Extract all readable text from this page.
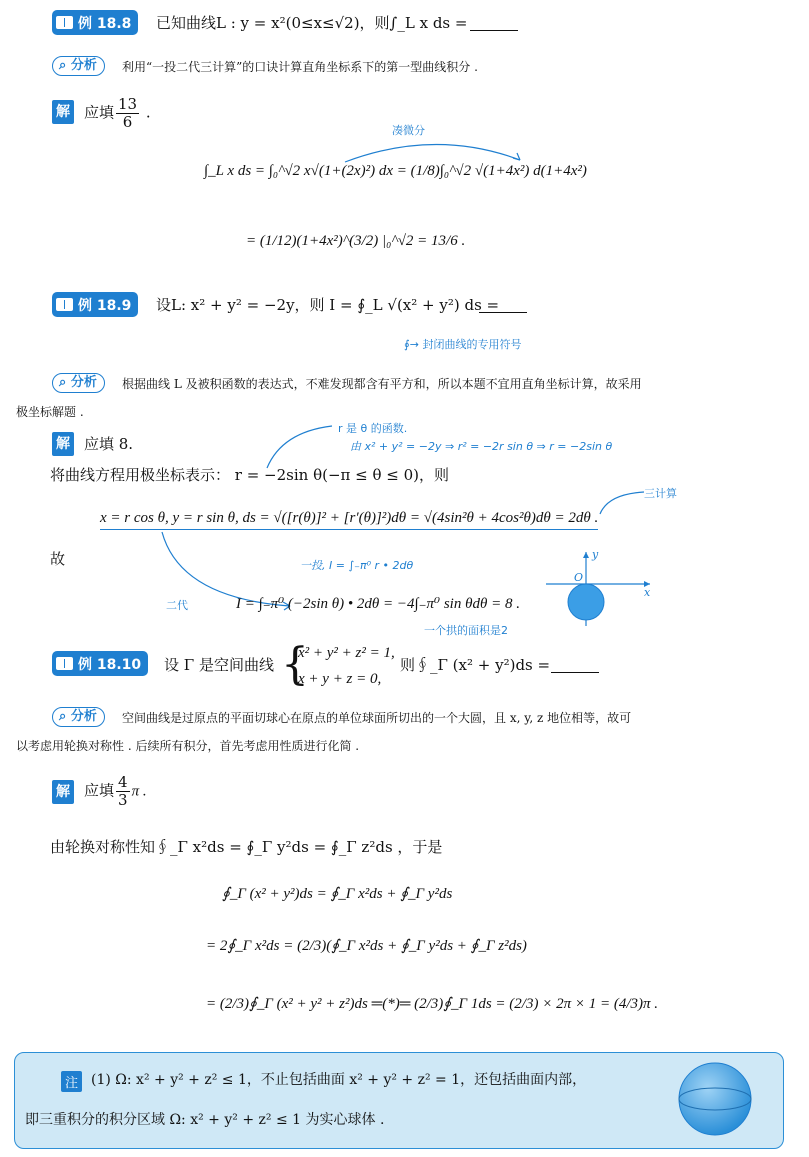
例 18.8 已知曲线L : y = x²(0≤x≤√2)，则∫_L x ds =
⌕ 分析	利用“一投二代三计算”的口诀计算直角坐标系下的第一型曲线积分 .
解 应填 $\frac{13}{6}$ .
凑微分
∫_L x ds = ∫₀^√2 x√(1+(2x)²) dx = (1/8)∫₀^√2 √(1+4x²) d(1+4x²)
= (1/12)(1+4x²)^(3/2) |₀^√2 = 13/6 .
例 18.9 设L: x² + y² = −2y，则 I = ∮_L √(x² + y²) ds =
∮→ 封闭曲线的专用符号
⌕ 分析	根据曲线 L 及被积函数的表达式，不难发现都含有平方和，所以本题不宜用直角坐标计算，故采用
极坐标解题 .
解 应填 8.
r 是 θ 的函数.
由 x² + y² = −2y ⇒ r² = −2r sin θ ⇒ r = −2sin θ
将曲线方程用极坐标表示： r = −2sin θ(−π ≤ θ ≤ 0)，则
三计算
x = r cos θ, y = r sin θ, ds = √([r(θ)]² + [r′(θ)]²)dθ = √(4sin²θ + 4cos²θ)dθ = 2dθ .
故	一投, I = ∫₋π⁰ r • 2dθ
二代	I = ∫₋π⁰ (−2sin θ) • 2dθ = −4∫₋π⁰ sin θdθ = 8 .
一个拱的面积是2
y
x
O
例 18.10 设 Γ 是空间曲线 {
x² + y² + z² = 1,
x + y + z = 0,
则∮_Γ (x² + y²)ds =
⌕ 分析	空间曲线是过原点的平面切球心在原点的单位球面所切出的一个大圆，且 x, y, z 地位相等，故可
以考虑用轮换对称性 . 后续所有积分，首先考虑用性质进行化简 .
解 应填 $\frac{4}{3}$ π .
由轮换对称性知∮_Γ x²ds = ∮_Γ y²ds = ∮_Γ z²ds ，于是
∮_Γ (x² + y²)ds = ∮_Γ x²ds + ∮_Γ y²ds
= 2∮_Γ x²ds = (2/3)(∮_Γ x²ds + ∮_Γ y²ds + ∮_Γ z²ds)
= (2/3)∮_Γ (x² + y² + z²)ds ═(*)═ (2/3)∮_Γ 1ds = (2/3) × 2π × 1 = (4/3)π .
注 (1) Ω: x² + y² + z² ≤ 1，不止包括曲面 x² + y² + z² = 1，还包括曲面内部，
即三重积分的积分区域 Ω: x² + y² + z² ≤ 1 为实心球体 .
